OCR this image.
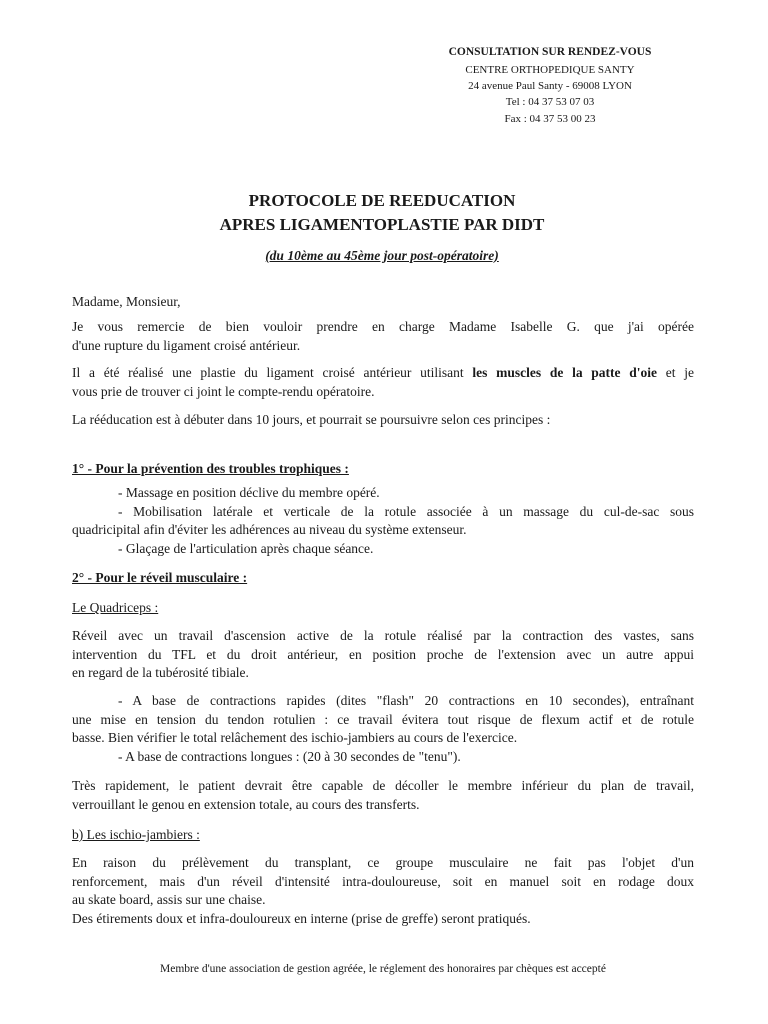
CONSULTATION SUR RENDEZ-VOUS
CENTRE ORTHOPEDIQUE SANTY
24 avenue Paul Santy - 69008 LYON
Tel : 04 37 53 07 03
Fax : 04 37 53 00 23
PROTOCOLE DE REEDUCATION
APRES LIGAMENTOPLASTIE PAR DIDT
(du 10ème au 45ème jour post-opératoire)
Madame, Monsieur,
Je vous remercie de bien vouloir prendre en charge Madame Isabelle G. que j'ai opérée
d'une rupture du ligament croisé antérieur.
Il a été réalisé une plastie du ligament croisé antérieur utilisant les muscles de la patte d'oie et je
vous prie de trouver ci joint le compte-rendu opératoire.
La rééducation est à débuter dans 10 jours, et pourrait se poursuivre selon ces principes :
1° - Pour la prévention des troubles trophiques :
- Massage en position déclive du membre opéré.
- Mobilisation latérale et verticale de la rotule associée à un massage du cul-de-sac sous
quadricipital afin d'éviter les adhérences au niveau du système extenseur.
- Glaçage de l'articulation après chaque séance.
2° - Pour le réveil musculaire :
Le Quadriceps :
Réveil avec un travail d'ascension active de la rotule réalisé par la contraction des vastes, sans
intervention du TFL et du droit antérieur, en position proche de l'extension avec un autre appui
en regard de la tubérosité tibiale.
- A base de contractions rapides (dites "flash" 20 contractions en 10 secondes), entraînant
une mise en tension du tendon rotulien : ce travail évitera tout risque de flexum actif et de rotule
basse. Bien vérifier le total relâchement des ischio-jambiers au cours de l'exercice.
- A base de contractions longues : (20 à 30 secondes de "tenu").
Très rapidement, le patient devrait être capable de décoller le membre inférieur du plan de travail,
verrouillant le genou en extension totale, au cours des transferts.
b) Les ischio-jambiers :
En raison du prélèvement du transplant, ce groupe musculaire ne fait pas l'objet d'un
renforcement, mais d'un réveil d'intensité intra-douloureuse, soit en manuel soit en rodage doux
au skate board, assis sur une chaise.
Des étirements doux et infra-douloureux en interne (prise de greffe) seront pratiqués.
Membre d'une association de gestion agréée, le réglement des honoraires par chèques est accepté
